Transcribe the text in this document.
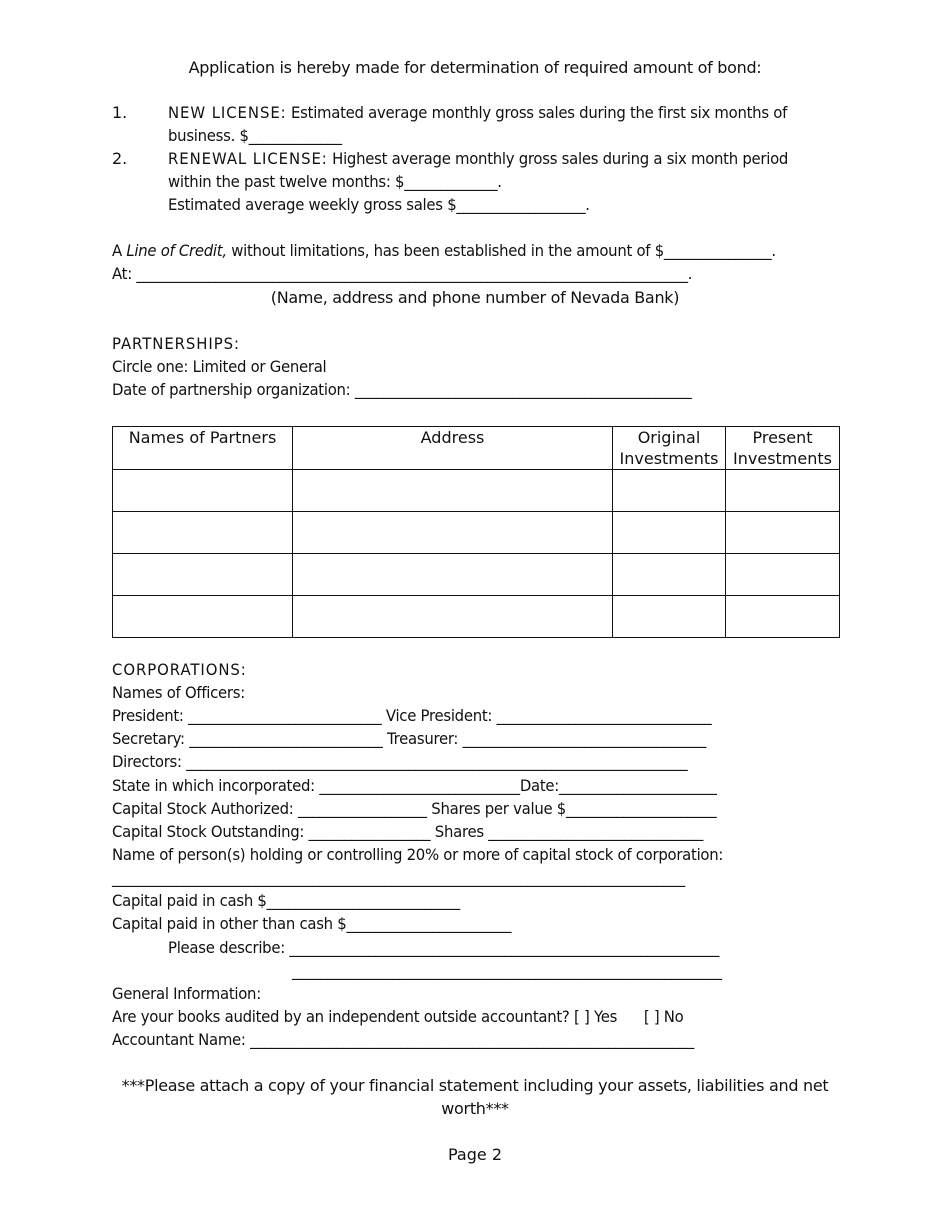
Application is hereby made for determination of required amount of bond:
1.	NEW LICENSE: Estimated average monthly gross sales during the first six months of
business. $_____________
2.	RENEWAL LICENSE: Highest average monthly gross sales during a six month period
within the past twelve months: $_____________.
Estimated average weekly gross sales $__________________.
A Line of Credit, without limitations, has been established in the amount of $_______________.
At: _____________________________________________________________________________.
(Name, address and phone number of Nevada Bank)
PARTNERSHIPS:
Circle one: Limited or General
Date of partnership organization: _______________________________________________
Names of Partners	Address	Original Investments	Present Investments

CORPORATIONS:
Names of Officers:
President: ___________________________ Vice President: ______________________________
Secretary: ___________________________ Treasurer: __________________________________
Directors: ______________________________________________________________________
State in which incorporated: ____________________________Date:______________________
Capital Stock Authorized: __________________ Shares per value $_____________________
Capital Stock Outstanding: _________________ Shares ______________________________
Name of person(s) holding or controlling 20% or more of capital stock of corporation:
________________________________________________________________________________
Capital paid in cash $___________________________
Capital paid in other than cash $_______________________
Please describe: ____________________________________________________________
____________________________________________________________
General Information:
Are your books audited by an independent outside accountant? [ ] Yes      [ ] No
Accountant Name: ______________________________________________________________
***Please attach a copy of your financial statement including your assets, liabilities and net
worth***
Page 2
